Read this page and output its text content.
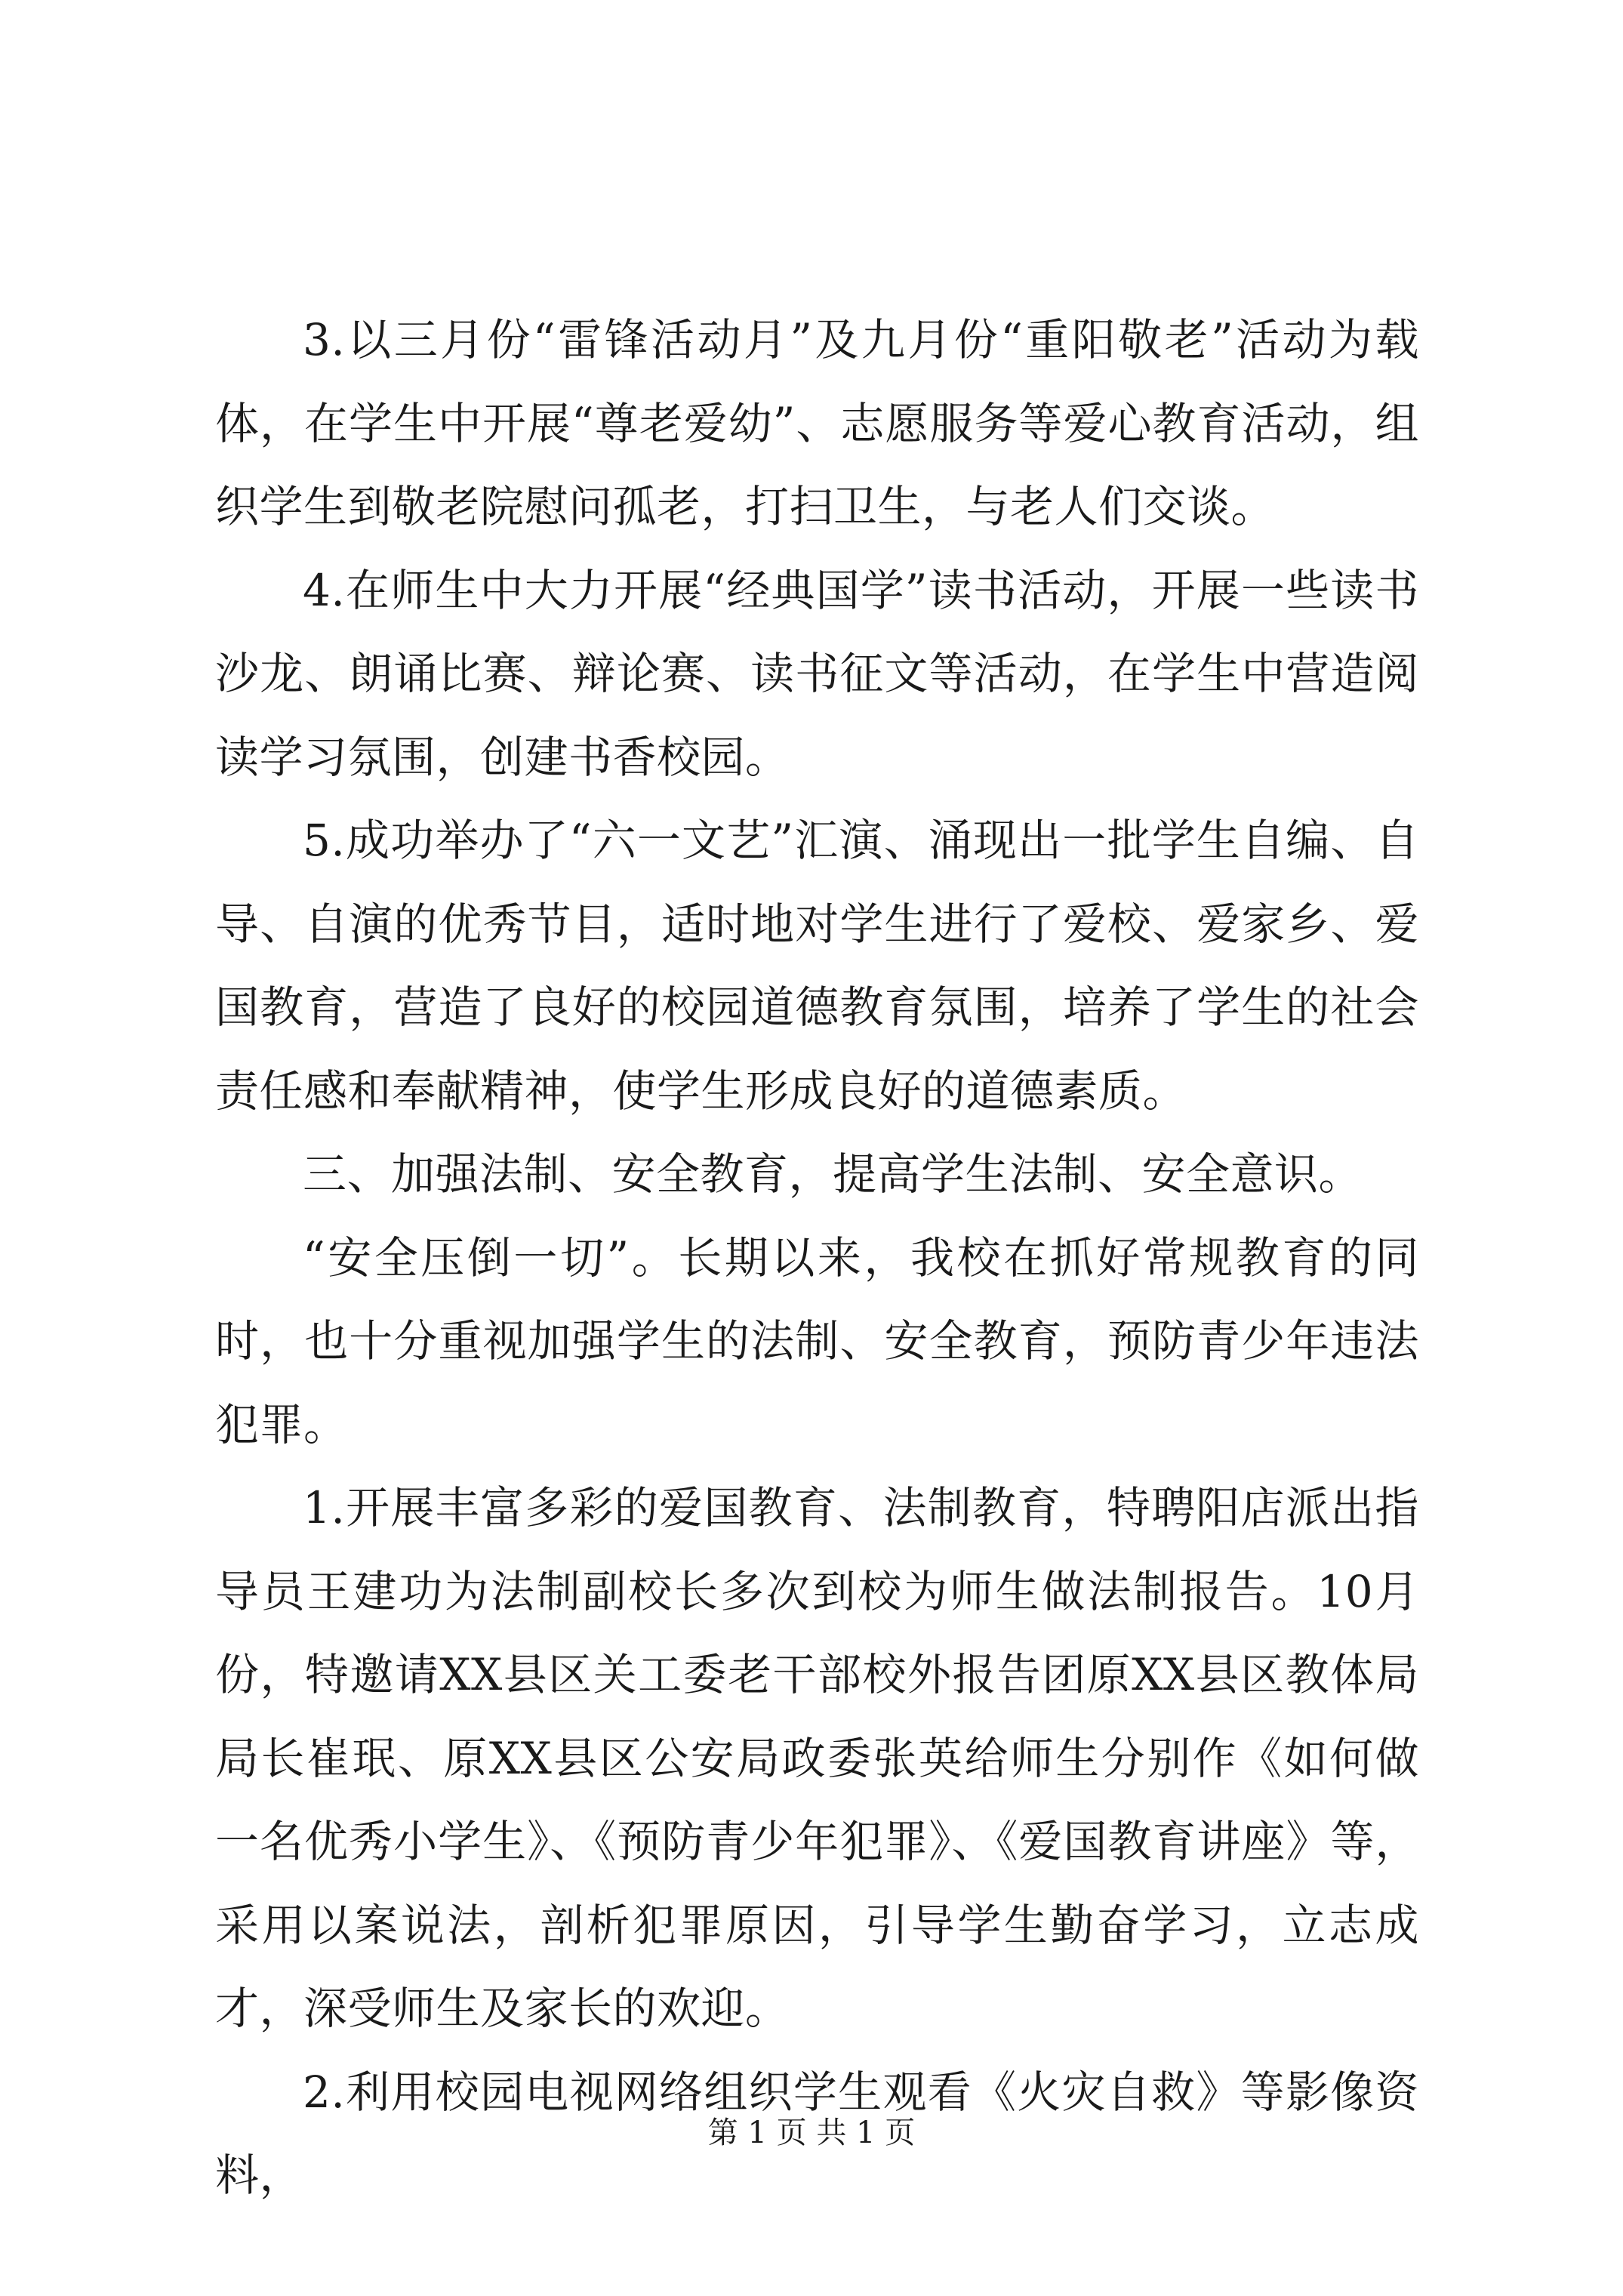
3.以三月份“雷锋活动月”及九月份“重阳敬老”活动为载体，在学生中开展“尊老爱幼”、志愿服务等爱心教育活动，组织学生到敬老院慰问孤老，打扫卫生，与老人们交谈。

4.在师生中大力开展“经典国学”读书活动，开展一些读书沙龙、朗诵比赛、辩论赛、读书征文等活动，在学生中营造阅读学习氛围，创建书香校园。

5.成功举办了“六一文艺”汇演、涌现出一批学生自编、自导、自演的优秀节目，适时地对学生进行了爱校、爱家乡、爱国教育，营造了良好的校园道德教育氛围，培养了学生的社会责任感和奉献精神，使学生形成良好的道德素质。

三、加强法制、安全教育，提高学生法制、安全意识。

“安全压倒一切”。长期以来，我校在抓好常规教育的同时，也十分重视加强学生的法制、安全教育，预防青少年违法犯罪。

1.开展丰富多彩的爱国教育、法制教育，特聘阳店派出指导员王建功为法制副校长多次到校为师生做法制报告。10月份，特邀请XX县区关工委老干部校外报告团原XX县区教体局局长崔珉、原XX县区公安局政委张英给师生分别作《如何做一名优秀小学生》、《预防青少年犯罪》、《爱国教育讲座》等，采用以案说法，剖析犯罪原因，引导学生勤奋学习，立志成才，深受师生及家长的欢迎。

2.利用校园电视网络组织学生观看《火灾自救》等影像资料，

第 1 页 共 1 页
